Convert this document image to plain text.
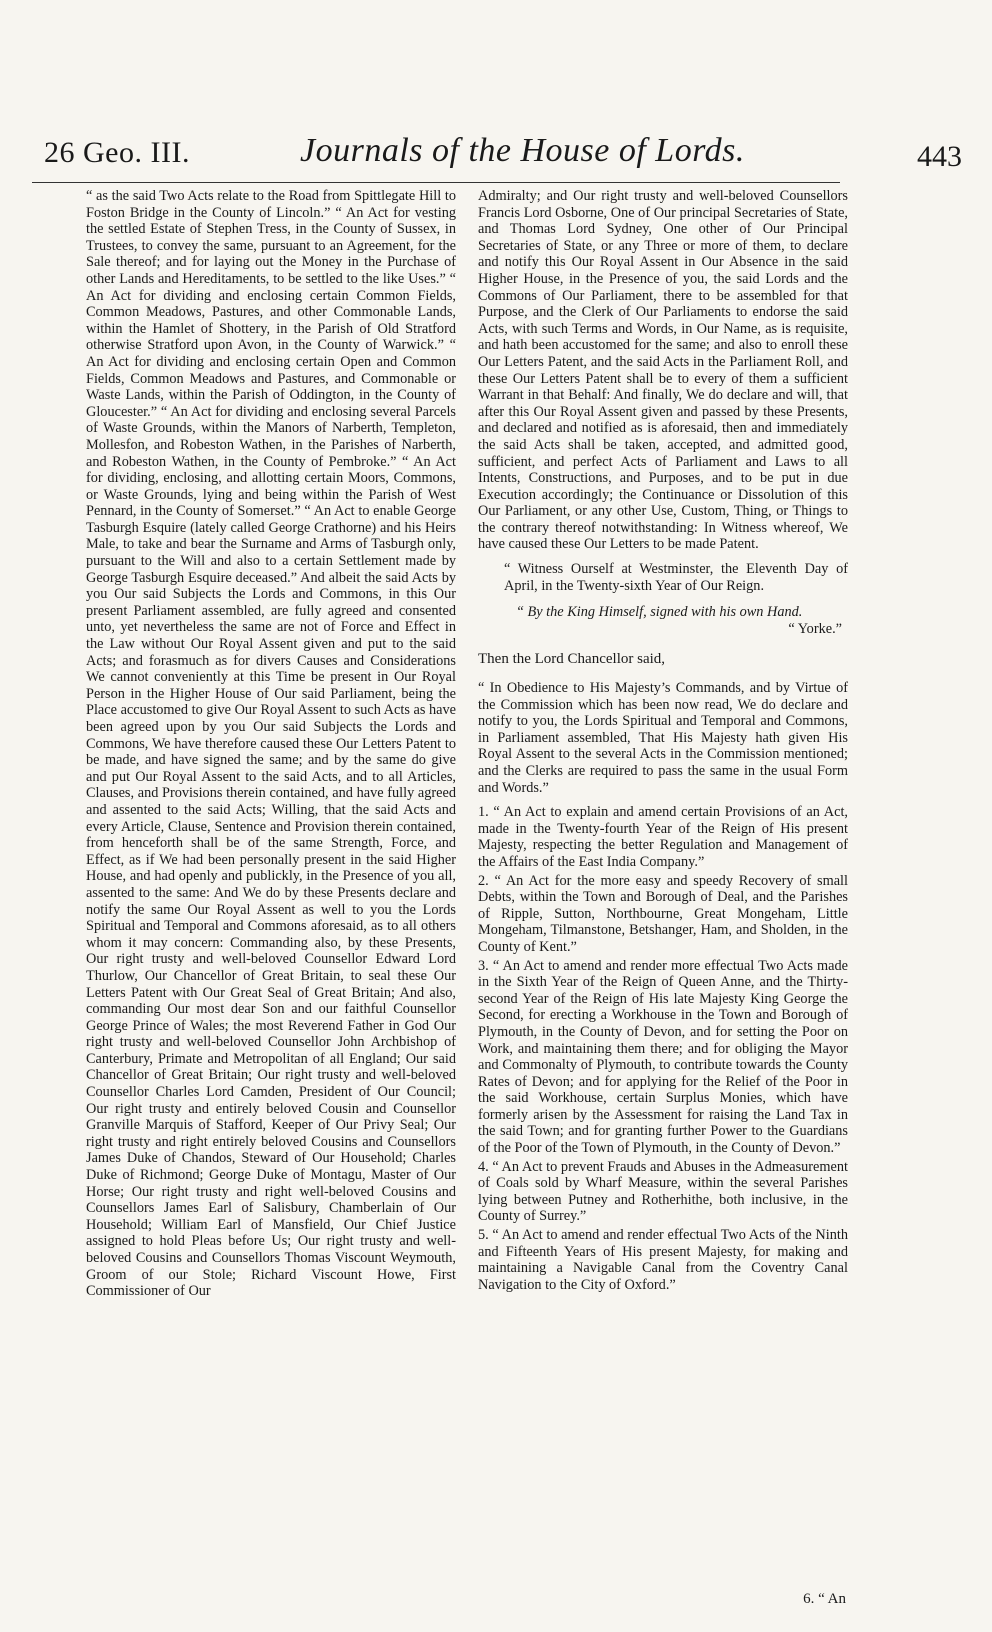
26 Geo. III.	Journals of the House of Lords.	443

“ as the said Two Acts relate to the Road from Spittlegate Hill to Foston Bridge in the County of Lincoln.” “ An Act for vesting the settled Estate of Stephen Tress, in the County of Sussex, in Trustees, to convey the same, pursuant to an Agreement, for the Sale thereof; and for laying out the Money in the Purchase of other Lands and Hereditaments, to be settled to the like Uses.” “ An Act for dividing and enclosing certain Common Fields, Common Meadows, Pastures, and other Commonable Lands, within the Hamlet of Shottery, in the Parish of Old Stratford otherwise Stratford upon Avon, in the County of Warwick.” “ An Act for dividing and enclosing certain Open and Common Fields, Common Meadows and Pastures, and Commonable or Waste Lands, within the Parish of Oddington, in the County of Gloucester.” “ An Act for dividing and enclosing several Parcels of Waste Grounds, within the Manors of Narberth, Templeton, Mollesfon, and Robeston Wathen, in the Parishes of Narberth, and Robeston Wathen, in the County of Pembroke.” “ An Act for dividing, enclosing, and allotting certain Moors, Commons, or Waste Grounds, lying and being within the Parish of West Pennard, in the County of Somerset.” “ An Act to enable George Tasburgh Esquire (lately called George Crathorne) and his Heirs Male, to take and bear the Surname and Arms of Tasburgh only, pursuant to the Will and also to a certain Settlement made by George Tasburgh Esquire deceased.” And albeit the said Acts by you Our said Subjects the Lords and Commons, in this Our present Parliament assembled, are fully agreed and consented unto, yet nevertheless the same are not of Force and Effect in the Law without Our Royal Assent given and put to the said Acts; and forasmuch as for divers Causes and Considerations We cannot conveniently at this Time be present in Our Royal Person in the Higher House of Our said Parliament, being the Place accustomed to give Our Royal Assent to such Acts as have been agreed upon by you Our said Subjects the Lords and Commons, We have therefore caused these Our Letters Patent to be made, and have signed the same; and by the same do give and put Our Royal Assent to the said Acts, and to all Articles, Clauses, and Provisions therein contained, and have fully agreed and assented to the said Acts; Willing, that the said Acts and every Article, Clause, Sentence and Provision therein contained, from henceforth shall be of the same Strength, Force, and Effect, as if We had been personally present in the said Higher House, and had openly and publickly, in the Presence of you all, assented to the same: And We do by these Presents declare and notify the same Our Royal Assent as well to you the Lords Spiritual and Temporal and Commons aforesaid, as to all others whom it may concern: Commanding also, by these Presents, Our right trusty and well-beloved Counsellor Edward Lord Thurlow, Our Chancellor of Great Britain, to seal these Our Letters Patent with Our Great Seal of Great Britain; And also, commanding Our most dear Son and our faithful Counsellor George Prince of Wales; the most Reverend Father in God Our right trusty and well-beloved Counsellor John Archbishop of Canterbury, Primate and Metropolitan of all England; Our said Chancellor of Great Britain; Our right trusty and well-beloved Counsellor Charles Lord Camden, President of Our Council; Our right trusty and entirely beloved Cousin and Counsellor Granville Marquis of Stafford, Keeper of Our Privy Seal; Our right trusty and right entirely beloved Cousins and Counsellors James Duke of Chandos, Steward of Our Household; Charles Duke of Richmond; George Duke of Montagu, Master of Our Horse; Our right trusty and right well-beloved Cousins and Counsellors James Earl of Salisbury, Chamberlain of Our Household; William Earl of Mansfield, Our Chief Justice assigned to hold Pleas before Us; Our right trusty and well-beloved Cousins and Counsellors Thomas Viscount Weymouth, Groom of our Stole; Richard Viscount Howe, First Commissioner of Our

Admiralty; and Our right trusty and well-beloved Counsellors Francis Lord Osborne, One of Our principal Secretaries of State, and Thomas Lord Sydney, One other of Our Principal Secretaries of State, or any Three or more of them, to declare and notify this Our Royal Assent in Our Absence in the said Higher House, in the Presence of you, the said Lords and the Commons of Our Parliament, there to be assembled for that Purpose, and the Clerk of Our Parliaments to endorse the said Acts, with such Terms and Words, in Our Name, as is requisite, and hath been accustomed for the same; and also to enroll these Our Letters Patent, and the said Acts in the Parliament Roll, and these Our Letters Patent shall be to every of them a sufficient Warrant in that Behalf: And finally, We do declare and will, that after this Our Royal Assent given and passed by these Presents, and declared and notified as is aforesaid, then and immediately the said Acts shall be taken, accepted, and admitted good, sufficient, and perfect Acts of Parliament and Laws to all Intents, Constructions, and Purposes, and to be put in due Execution accordingly; the Continuance or Dissolution of this Our Parliament, or any other Use, Custom, Thing, or Things to the contrary thereof notwithstanding: In Witness whereof, We have caused these Our Letters to be made Patent.

“ Witness Ourself at Westminster, the Eleventh Day of April, in the Twenty-sixth Year of Our Reign.

“ By the King Himself, signed with his own Hand.
“ Yorke.”

Then the Lord Chancellor said,

“ In Obedience to His Majesty’s Commands, and by Virtue of the Commission which has been now read, We do declare and notify to you, the Lords Spiritual and Temporal and Commons, in Parliament assembled, That His Majesty hath given His Royal Assent to the several Acts in the Commission mentioned; and the Clerks are required to pass the same in the usual Form and Words.”

1. “ An Act to explain and amend certain Provisions of an Act, made in the Twenty-fourth Year of the Reign of His present Majesty, respecting the better Regulation and Management of the Affairs of the East India Company.”

2. “ An Act for the more easy and speedy Recovery of small Debts, within the Town and Borough of Deal, and the Parishes of Ripple, Sutton, Northbourne, Great Mongeham, Little Mongeham, Tilmanstone, Betshanger, Ham, and Sholden, in the County of Kent.”

3. “ An Act to amend and render more effectual Two Acts made in the Sixth Year of the Reign of Queen Anne, and the Thirty-second Year of the Reign of His late Majesty King George the Second, for erecting a Workhouse in the Town and Borough of Plymouth, in the County of Devon, and for setting the Poor on Work, and maintaining them there; and for obliging the Mayor and Commonalty of Plymouth, to contribute towards the County Rates of Devon; and for applying for the Relief of the Poor in the said Workhouse, certain Surplus Monies, which have formerly arisen by the Assessment for raising the Land Tax in the said Town; and for granting further Power to the Guardians of the Poor of the Town of Plymouth, in the County of Devon.”

4. “ An Act to prevent Frauds and Abuses in the Admeasurement of Coals sold by Wharf Measure, within the several Parishes lying between Putney and Rotherhithe, both inclusive, in the County of Surrey.”

5. “ An Act to amend and render effectual Two Acts of the Ninth and Fifteenth Years of His present Majesty, for making and maintaining a Navigable Canal from the Coventry Canal Navigation to the City of Oxford.”

6. “ An
